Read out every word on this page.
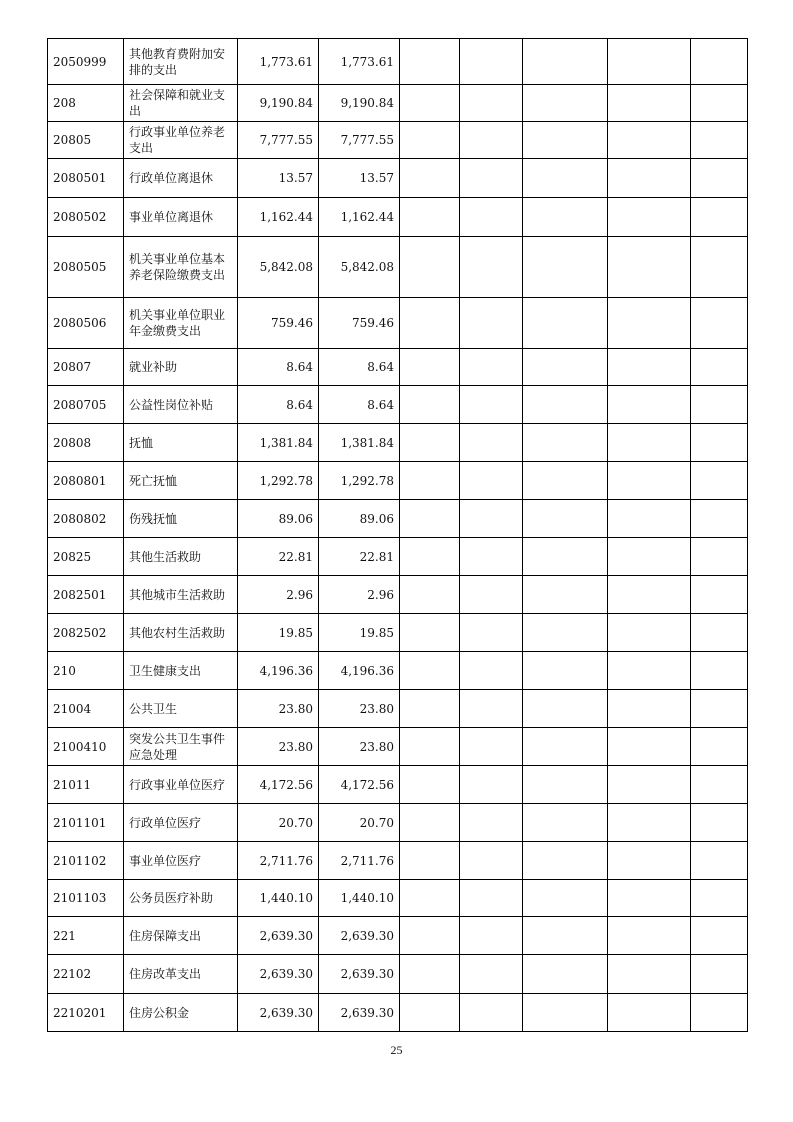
2050999	其他教育费附加安排的支出	1,773.61	1,773.61					
208	社会保障和就业支出	9,190.84	9,190.84					
20805	行政事业单位养老支出	7,777.55	7,777.55					
2080501	行政单位离退休	13.57	13.57					
2080502	事业单位离退休	1,162.44	1,162.44					
2080505	机关事业单位基本养老保险缴费支出	5,842.08	5,842.08					
2080506	机关事业单位职业年金缴费支出	759.46	759.46					
20807	就业补助	8.64	8.64					
2080705	公益性岗位补贴	8.64	8.64					
20808	抚恤	1,381.84	1,381.84					
2080801	死亡抚恤	1,292.78	1,292.78					
2080802	伤残抚恤	89.06	89.06					
20825	其他生活救助	22.81	22.81					
2082501	其他城市生活救助	2.96	2.96					
2082502	其他农村生活救助	19.85	19.85					
210	卫生健康支出	4,196.36	4,196.36					
21004	公共卫生	23.80	23.80					
2100410	突发公共卫生事件应急处理	23.80	23.80					
21011	行政事业单位医疗	4,172.56	4,172.56					
2101101	行政单位医疗	20.70	20.70					
2101102	事业单位医疗	2,711.76	2,711.76					
2101103	公务员医疗补助	1,440.10	1,440.10					
221	住房保障支出	2,639.30	2,639.30					
22102	住房改革支出	2,639.30	2,639.30					
2210201	住房公积金	2,639.30	2,639.30					
25
